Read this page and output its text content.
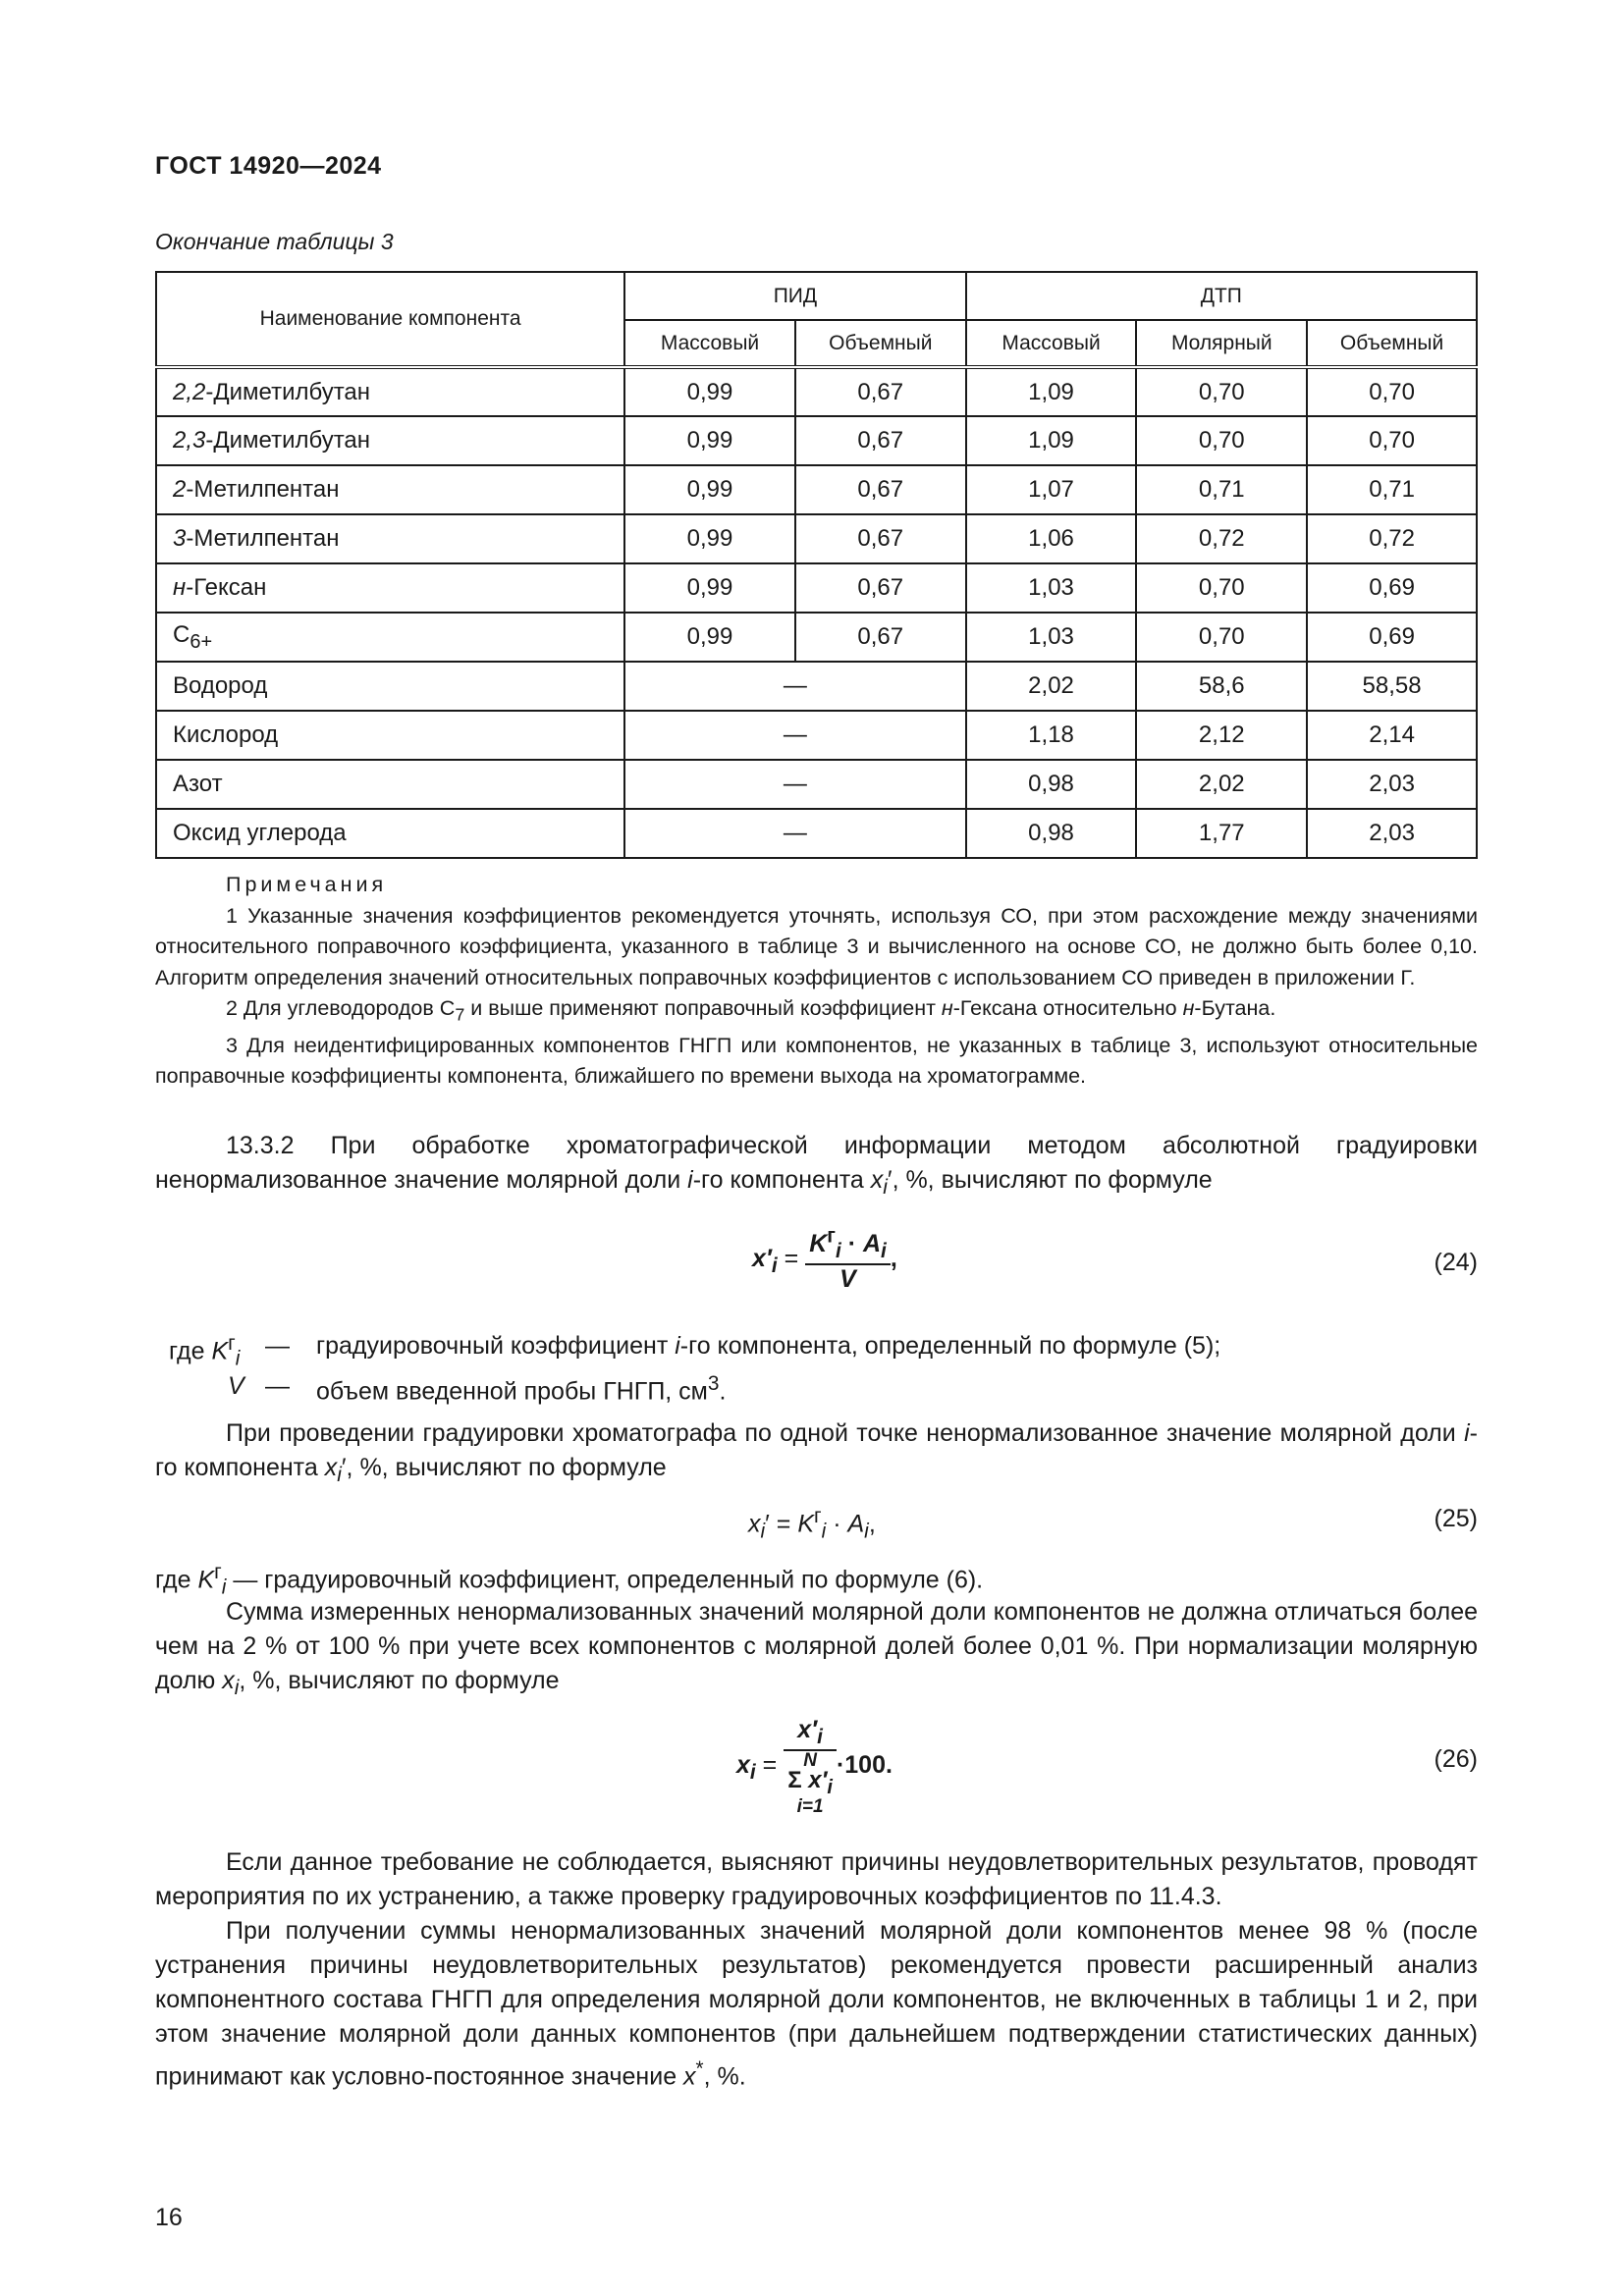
ГОСТ 14920—2024
Окончание таблицы 3
Наименование компонента	ПИД		ДТП		
	Массовый	Объемный	Массовый	Молярный	Объемный
2,2-Диметилбутан	0,99	0,67	1,09	0,70	0,70
2,3-Диметилбутан	0,99	0,67	1,09	0,70	0,70
2-Метилпентан	0,99	0,67	1,07	0,71	0,71
3-Метилпентан	0,99	0,67	1,06	0,72	0,72
н-Гексан	0,99	0,67	1,03	0,70	0,69
$C_{6+}$	0,99	0,67	1,03	0,70	0,69
Водород	—		2,02	58,6	58,58
Кислород	—		1,18	2,12	2,14
Азот	—		0,98	2,02	2,03
Оксид углерода	—		0,98	1,77	2,03
Примечания

1 Указанные значения коэффициентов рекомендуется уточнять, используя СО, при этом расхождение между значениями относительного поправочного коэффициента, указанного в таблице 3 и вычисленного на основе СО, не должно быть более 0,10. Алгоритм определения значений относительных поправочных коэффициентов с использованием СО приведен в приложении Г.

2 Для углеводородов $С_7$ и выше применяют поправочный коэффициент н-Гексана относительно н-Бутана.

3 Для неидентифицированных компонентов ГНГП или компонентов, не указанных в таблице 3, используют относительные поправочные коэффициенты компонента, ближайшего по времени выхода на хроматограмме.

13.3.2 При обработке хроматографической информации методом абсолютной градуировки ненормализованное значение молярной доли i-го компонента $x_i'$, %, вычисляют по формуле

$x'_i = \frac{K^г_i \cdot A_i}{V}$ ,	(24)
где $K^г_i$ — градуировочный коэффициент i-го компонента, определенный по формуле (5);
V — объем введенной пробы ГНГП, $см^3$.

При проведении градуировки хроматографа по одной точке ненормализованное значение молярной доли i-го компонента $x_i'$, %, вычисляют по формуле

$x_i' = K^г_i \cdot A_i$,	(25)
где $K^г_i$ — градуировочный коэффициент, определенный по формуле (6).

Сумма измеренных ненормализованных значений молярной доли компонентов не должна отличаться более чем на 2 % от 100 % при учете всех компонентов с молярной долей более 0,01 %. При нормализации молярную долю $x_i$, %, вычисляют по формуле

$x_i$ =
$x'_i$
N
Σ $x'_i$
i=1
·100.	(26)

Если данное требование не соблюдается, выясняют причины неудовлетворительных результатов, проводят мероприятия по их устранению, а также проверку градуировочных коэффициентов по 11.4.3.

При получении суммы ненормализованных значений молярной доли компонентов менее 98 % (после устранения причины неудовлетворительных результатов) рекомендуется провести расширенный анализ компонентного состава ГНГП для определения молярной доли компонентов, не включенных в таблицы 1 и 2, при этом значение молярной доли данных компонентов (при дальнейшем подтверждении статистических данных) принимают как условно-постоянное значение x*, %.

16
